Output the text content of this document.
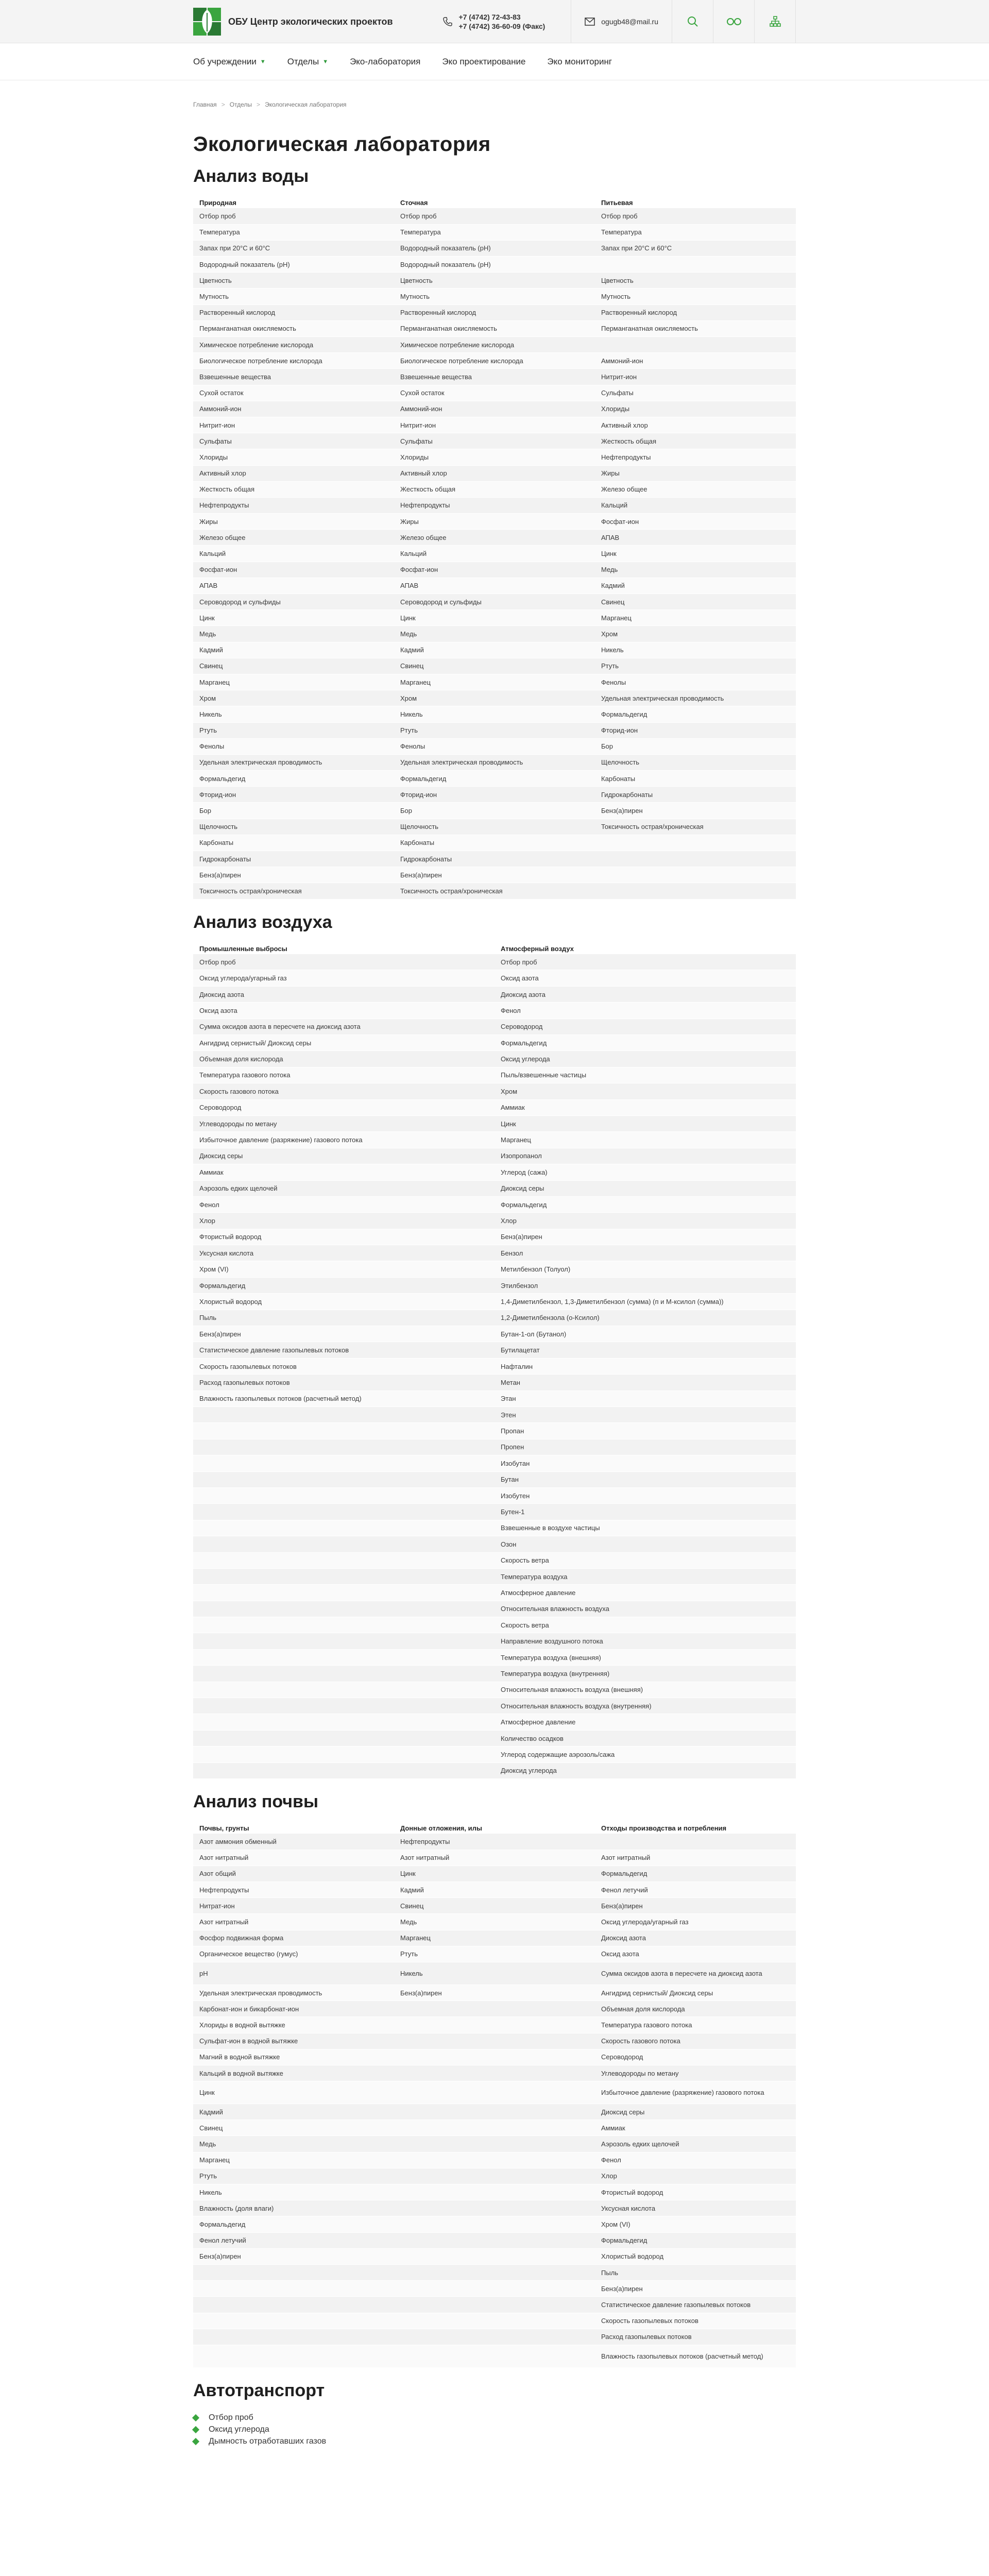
ОБУ Центр экологических проектов	+7 (4742) 72-43-83
+7 (4742) 36-60-09 (Факс)
ogugb48@mail.ru
Об учреждении ▼ Отделы ▼ Эко-лаборатория Эко проектирование Эко мониторинг
Главная > Отделы > Экологическая лаборатория
Экологическая лаборатория
Анализ воды
Природная	Сточная	Питьевая
Отбор проб	Отбор проб	Отбор проб
Температура	Температура	Температура
Запах при 20°C и 60°C	Водородный показатель (pH)	Запах при 20°C и 60°C
Водородный показатель (pH)	Водородный показатель (pH)	
Цветность	Цветность	Цветность
Мутность	Мутность	Мутность
Растворенный кислород	Растворенный кислород	Растворенный кислород
Перманганатная окисляемость	Перманганатная окисляемость	Перманганатная окисляемость
Химическое потребление кислорода	Химическое потребление кислорода	
Биологическое потребление кислорода	Биологическое потребление кислорода	Аммоний-ион
Взвешенные вещества	Взвешенные вещества	Нитрит-ион
Сухой остаток	Сухой остаток	Сульфаты
Аммоний-ион	Аммоний-ион	Хлориды
Нитрит-ион	Нитрит-ион	Активный хлор
Сульфаты	Сульфаты	Жесткость общая
Хлориды	Хлориды	Нефтепродукты
Активный хлор	Активный хлор	Жиры
Жесткость общая	Жесткость общая	Железо общее
Нефтепродукты	Нефтепродукты	Кальций
Жиры	Жиры	Фосфат-ион
Железо общее	Железо общее	АПАВ
Кальций	Кальций	Цинк
Фосфат-ион	Фосфат-ион	Медь
АПАВ	АПАВ	Кадмий
Сероводород и сульфиды	Сероводород и сульфиды	Свинец
Цинк	Цинк	Марганец
Медь	Медь	Хром
Кадмий	Кадмий	Никель
Свинец	Свинец	Ртуть
Марганец	Марганец	Фенолы
Хром	Хром	Удельная электрическая проводимость
Никель	Никель	Формальдегид
Ртуть	Ртуть	Фторид-ион
Фенолы	Фенолы	Бор
Удельная электрическая проводимость	Удельная электрическая проводимость	Щелочность
Формальдегид	Формальдегид	Карбонаты
Фторид-ион	Фторид-ион	Гидрокарбонаты
Бор	Бор	Бенз(а)пирен
Щелочность	Щелочность	Токсичность острая/хроническая
Карбонаты	Карбонаты	
Гидрокарбонаты	Гидрокарбонаты	
Бенз(а)пирен	Бенз(а)пирен	
Токсичность острая/хроническая	Токсичность острая/хроническая	
Анализ воздуха
Промышленные выбросы	Атмосферный воздух
Отбор проб	Отбор проб
Оксид углерода/угарный газ	Оксид азота
Диоксид азота	Диоксид азота
Оксид азота	Фенол
Сумма оксидов азота в пересчете на диоксид азота	Сероводород
Ангидрид сернистый/ Диоксид серы	Формальдегид
Объемная доля кислорода	Оксид углерода
Температура газового потока	Пыль/взвешенные частицы
Скорость газового потока	Хром
Сероводород	Аммиак
Углеводороды по метану	Цинк
Избыточное давление (разряжение) газового потока	Марганец
Диоксид серы	Изопропанол
Аммиак	Углерод (сажа)
Аэрозоль едких щелочей	Диоксид серы
Фенол	Формальдегид
Хлор	Хлор
Фтористый водород	Бенз(а)пирен
Уксусная кислота	Бензол
Хром (VI)	Метилбензол (Толуол)
Формальдегид	Этилбензол
Хлористый водород	1,4-Диметилбензол, 1,3-Диметилбензол (сумма) (п и М-ксилол (сумма))
Пыль	1,2-Диметилбензола (о-Ксилол)
Бенз(а)пирен	Бутан-1-ол (Бутанол)
Статистическое давление газопылевых потоков	Бутилацетат
Скорость газопылевых потоков	Нафталин
Расход газопылевых потоков	Метан
Влажность газопылевых потоков (расчетный метод)	Этан
	Этен
	Пропан
	Пропен
	Изобутан
	Бутан
	Изобутен
	Бутен-1
	Взвешенные в воздухе частицы
	Озон
	Скорость ветра
	Температура воздуха
	Атмосферное давление
	Относительная влажность воздуха
	Скорость ветра
	Направление воздушного потока
	Температура воздуха (внешняя)
	Температура воздуха (внутренняя)
	Относительная влажность воздуха (внешняя)
	Относительная влажность воздуха (внутренняя)
	Атмосферное давление
	Количество осадков
	Углерод содержащие аэрозоль/сажа
	Диоксид углерода
Анализ почвы
Почвы, грунты	Донные отложения, илы	Отходы производства и потребления
Азот аммония обменный	Нефтепродукты	
Азот нитратный	Азот нитратный	Азот нитратный
Азот общий	Цинк	Формальдегид
Нефтепродукты	Кадмий	Фенол летучий
Нитрат-ион	Свинец	Бенз(а)пирен
Азот нитратный	Медь	Оксид углерода/угарный газ
Фосфор подвижная форма	Марганец	Диоксид азота
Органическое вещество (гумус)	Ртуть	Оксид азота
pH	Никель	Сумма оксидов азота в пересчете на диоксид азота
Удельная электрическая проводимость	Бенз(а)пирен	Ангидрид сернистый/ Диоксид серы
Карбонат-ион и бикарбонат-ион		Объемная доля кислорода
Хлориды в водной вытяжке		Температура газового потока
Сульфат-ион в водной вытяжке		Скорость газового потока
Магний в водной вытяжке		Сероводород
Кальций в водной вытяжке		Углеводороды по метану
Цинк		Избыточное давление (разряжение) газового потока
Кадмий		Диоксид серы
Свинец		Аммиак
Медь		Аэрозоль едких щелочей
Марганец		Фенол
Ртуть		Хлор
Никель		Фтористый водород
Влажность (доля влаги)		Уксусная кислота
Формальдегид		Хром (VI)
Фенол летучий		Формальдегид
Бенз(а)пирен		Хлористый водород
		Пыль
		Бенз(а)пирен
		Статистическое давление газопылевых потоков
		Скорость газопылевых потоков
		Расход газопылевых потоков
		Влажность газопылевых потоков (расчетный метод)
Автотранспорт
Отбор проб
Оксид углерода
Дымность отработавших газов
